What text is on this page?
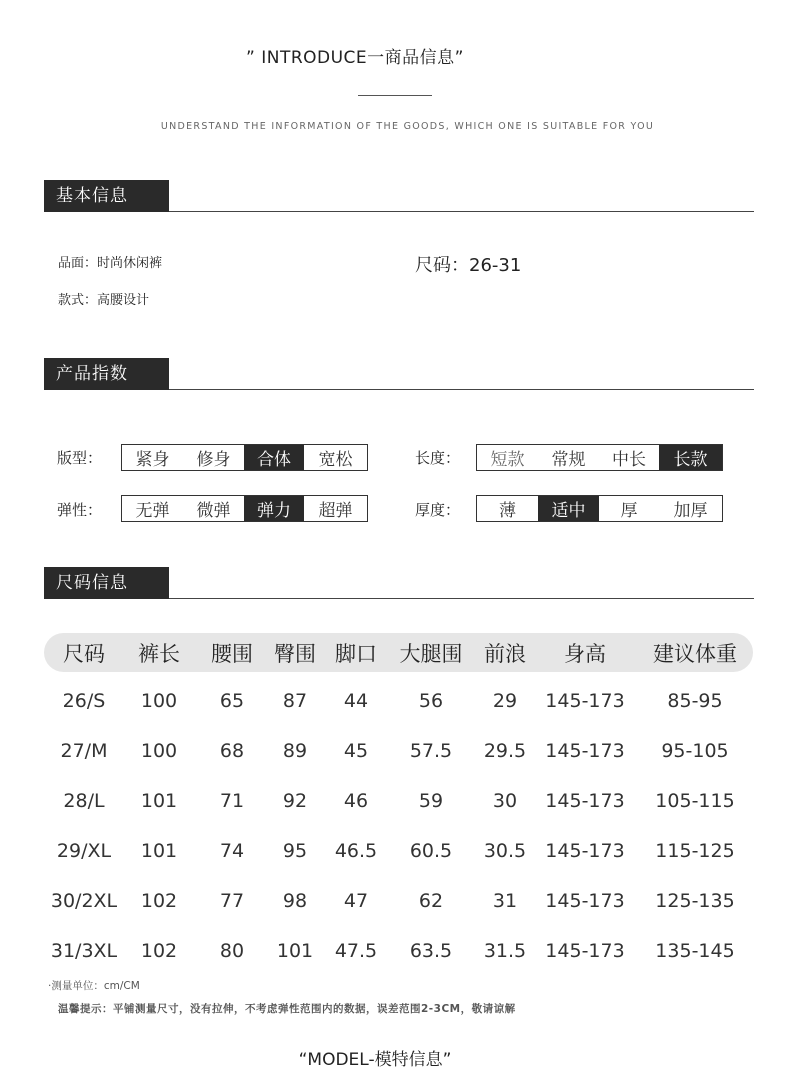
” INTRODUCE一商品信息”
UNDERSTAND THE INFORMATION OF THE GOODS, WHICH ONE IS SUITABLE FOR YOU
基本信息
品面：时尚休闲裤
款式：高腰设计
尺码：26-31
产品指数
版型：	紧身	修身	合体	宽松	长度：	短款	常规	中长	长款
弹性：	无弹	微弹	弹力	超弹	厚度：	薄	适中	厚	加厚
尺码信息
尺码 裤长 腰围 臀围 脚口 大腿围 前浪 身高 建议体重
26/S 100 65 87 44	56	29 145-173 85-95
27/M 100 68 89 45 57.5 29.5 145-173 95-105
28/L 101 71 92 46	59	30 145-173 105-115
29/XL 101 74 95 46.5 60.5 30.5 145-173 115-125
30/2XL 102 77 98 47	62	31 145-173 125-135
31/3XL 102 80 101 47.5 63.5 31.5 145-173 135-145
·测量单位：cm/CM
温馨提示：平铺测量尺寸，没有拉伸，不考虑弹性范围内的数据，误差范围2-3CM，敬请谅解
“MODEL-模特信息”
